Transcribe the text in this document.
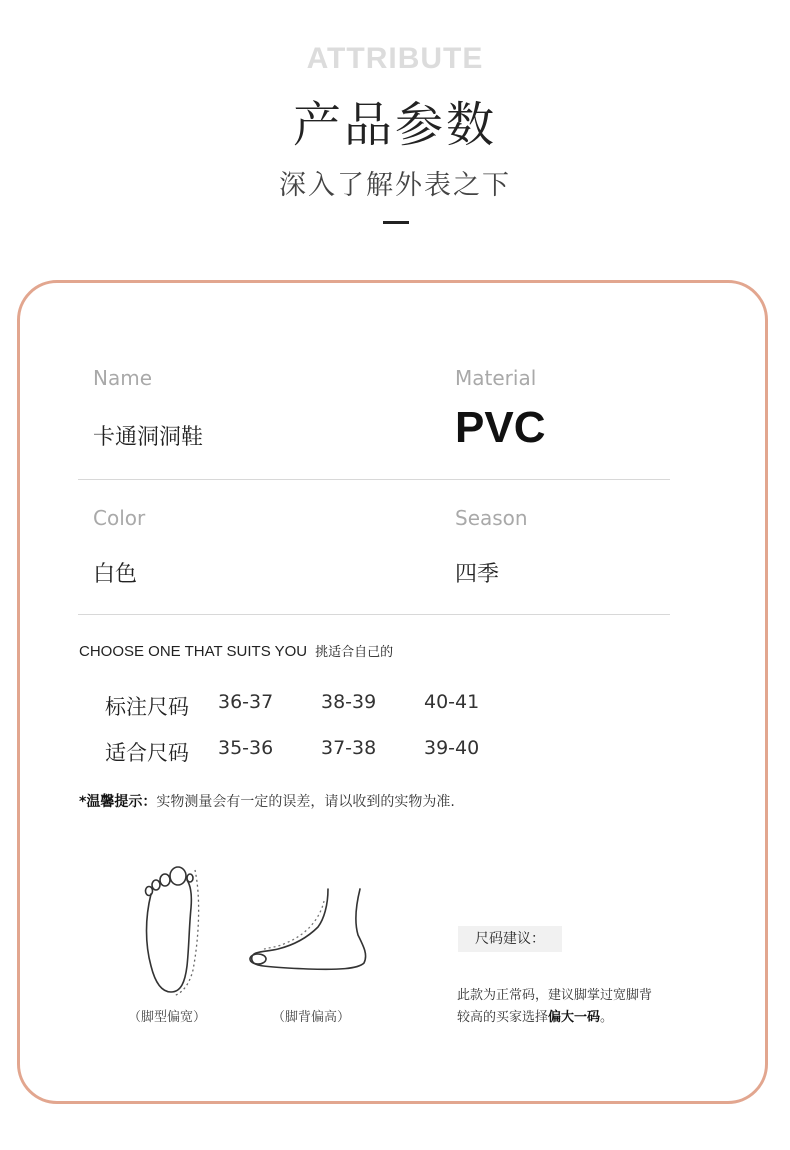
ATTRIBUTE
产品参数
深入了解外表之下
Name
卡通洞洞鞋
Material
PVC
Color
白色
Season
四季
CHOOSE ONE THAT SUITS YOU 挑适合自己的
标注尺码 36-37	38-39	40-41
适合尺码 35-36	37-38	39-40
*温馨提示：实物测量会有一定的误差，请以收到的实物为准.
（脚型偏宽）	（脚背偏高）
尺码建议：
此款为正常码，建议脚掌过宽脚背
较高的买家选择偏大一码。
